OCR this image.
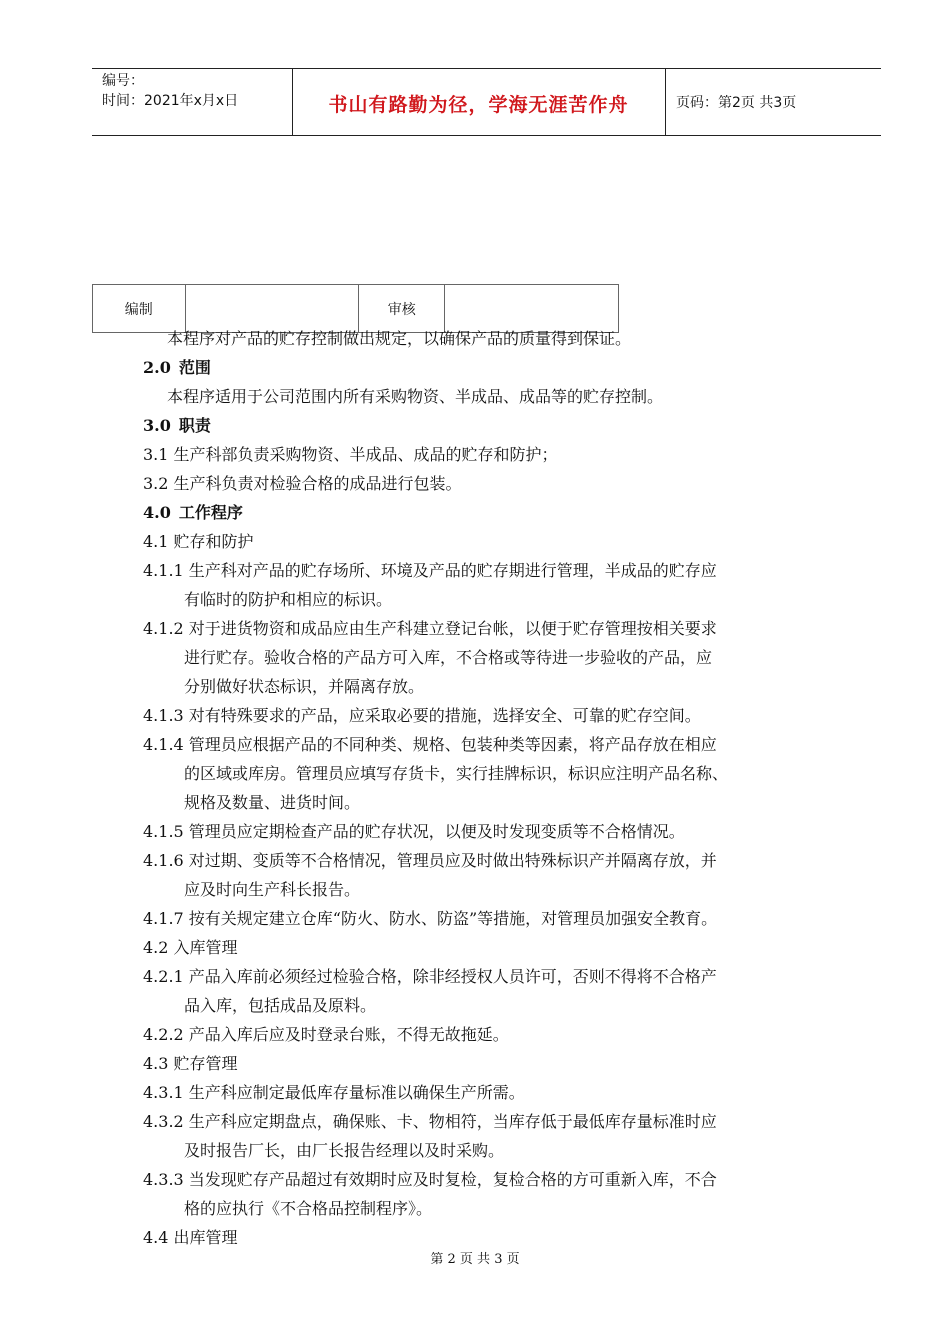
编号：
时间：2021年x月x日	书山有路勤为径，学海无涯苦作舟	页码：第2页 共3页
编制		审核	
本程序对产品的贮存控制做出规定，以确保产品的质量得到保证。
2.0 范围
本程序适用于公司范围内所有采购物资、半成品、成品等的贮存控制。
3.0 职责
3.1 生产科部负责采购物资、半成品、成品的贮存和防护；
3.2 生产科负责对检验合格的成品进行包装。
4.0 工作程序
4.1 贮存和防护
4.1.1 生产科对产品的贮存场所、环境及产品的贮存期进行管理，半成品的贮存应
有临时的防护和相应的标识。
4.1.2 对于进货物资和成品应由生产科建立登记台帐，以便于贮存管理按相关要求
进行贮存。验收合格的产品方可入库，不合格或等待进一步验收的产品，应
分别做好状态标识，并隔离存放。
4.1.3 对有特殊要求的产品，应采取必要的措施，选择安全、可靠的贮存空间。
4.1.4 管理员应根据产品的不同种类、规格、包装种类等因素，将产品存放在相应
的区域或库房。管理员应填写存货卡，实行挂牌标识，标识应注明产品名称、
规格及数量、进货时间。
4.1.5 管理员应定期检查产品的贮存状况，以便及时发现变质等不合格情况。
4.1.6 对过期、变质等不合格情况，管理员应及时做出特殊标识产并隔离存放，并
应及时向生产科长报告。
4.1.7 按有关规定建立仓库“防火、防水、防盗”等措施，对管理员加强安全教育。
4.2 入库管理
4.2.1 产品入库前必须经过检验合格，除非经授权人员许可，否则不得将不合格产
品入库，包括成品及原料。
4.2.2 产品入库后应及时登录台账，不得无故拖延。
4.3 贮存管理
4.3.1 生产科应制定最低库存量标准以确保生产所需。
4.3.2 生产科应定期盘点，确保账、卡、物相符，当库存低于最低库存量标准时应
及时报告厂长，由厂长报告经理以及时采购。
4.3.3 当发现贮存产品超过有效期时应及时复检，复检合格的方可重新入库，不合
格的应执行《不合格品控制程序》。
4.4 出库管理
第 2 页 共 3 页
